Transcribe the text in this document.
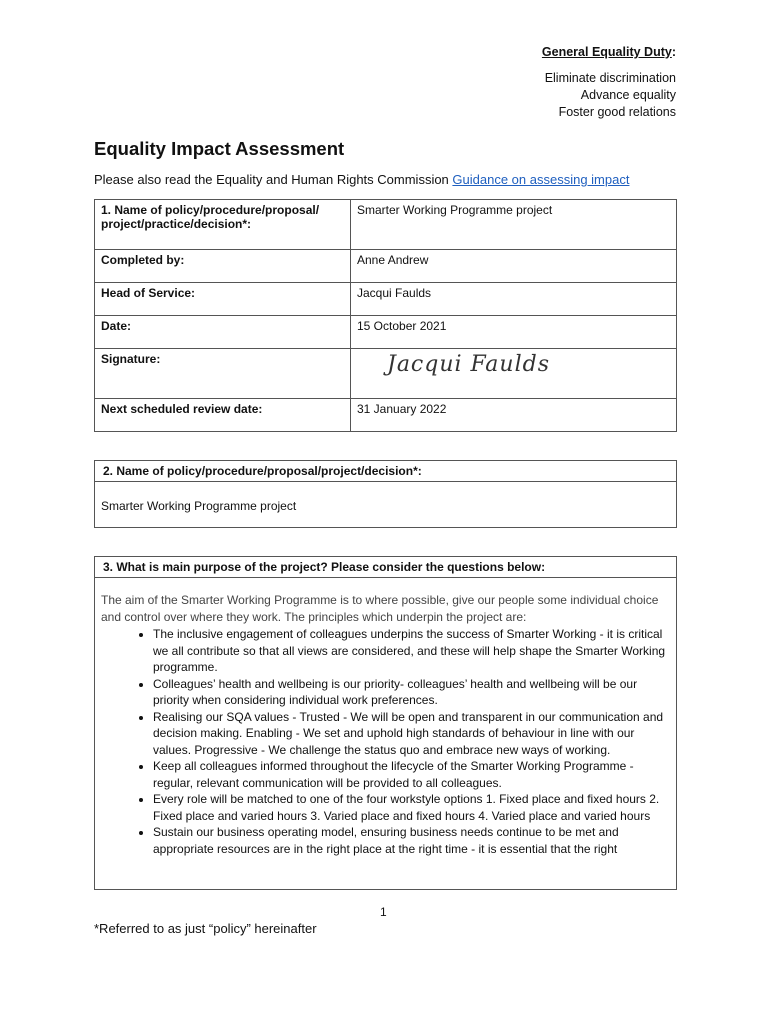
General Equality Duty:
Eliminate discrimination
Advance equality
Foster good relations
Equality Impact Assessment
Please also read the Equality and Human Rights Commission Guidance on assessing impact
1. Name of policy/procedure/proposal/ project/practice/decision*:	Smarter Working Programme project
Completed by:	Anne Andrew
Head of Service:	Jacqui Faulds
Date:	15 October 2021
Signature:	Jacqui Faulds

Next scheduled review date:	31 January 2022
2. Name of policy/procedure/proposal/project/decision*:
Smarter Working Programme project
3. What is main purpose of the project? Please consider the questions below:
The aim of the Smarter Working Programme is to where possible, give our people some individual choice and control over where they work. The principles which underpin the project are:
• The inclusive engagement of colleagues underpins the success of Smarter Working - it is critical we all contribute so that all views are considered, and these will help shape the Smarter Working programme.
• Colleagues’ health and wellbeing is our priority- colleagues’ health and wellbeing will be our priority when considering individual work preferences.
• Realising our SQA values - Trusted - We will be open and transparent in our communication and decision making. Enabling - We set and uphold high standards of behaviour in line with our values. Progressive - We challenge the status quo and embrace new ways of working.
• Keep all colleagues informed throughout the lifecycle of the Smarter Working Programme - regular, relevant communication will be provided to all colleagues.
• Every role will be matched to one of the four workstyle options 1. Fixed place and fixed hours 2. Fixed place and varied hours 3. Varied place and fixed hours 4. Varied place and varied hours
• Sustain our business operating model, ensuring business needs continue to be met and appropriate resources are in the right place at the right time - it is essential that the right
1
*Referred to as just “policy” hereinafter
